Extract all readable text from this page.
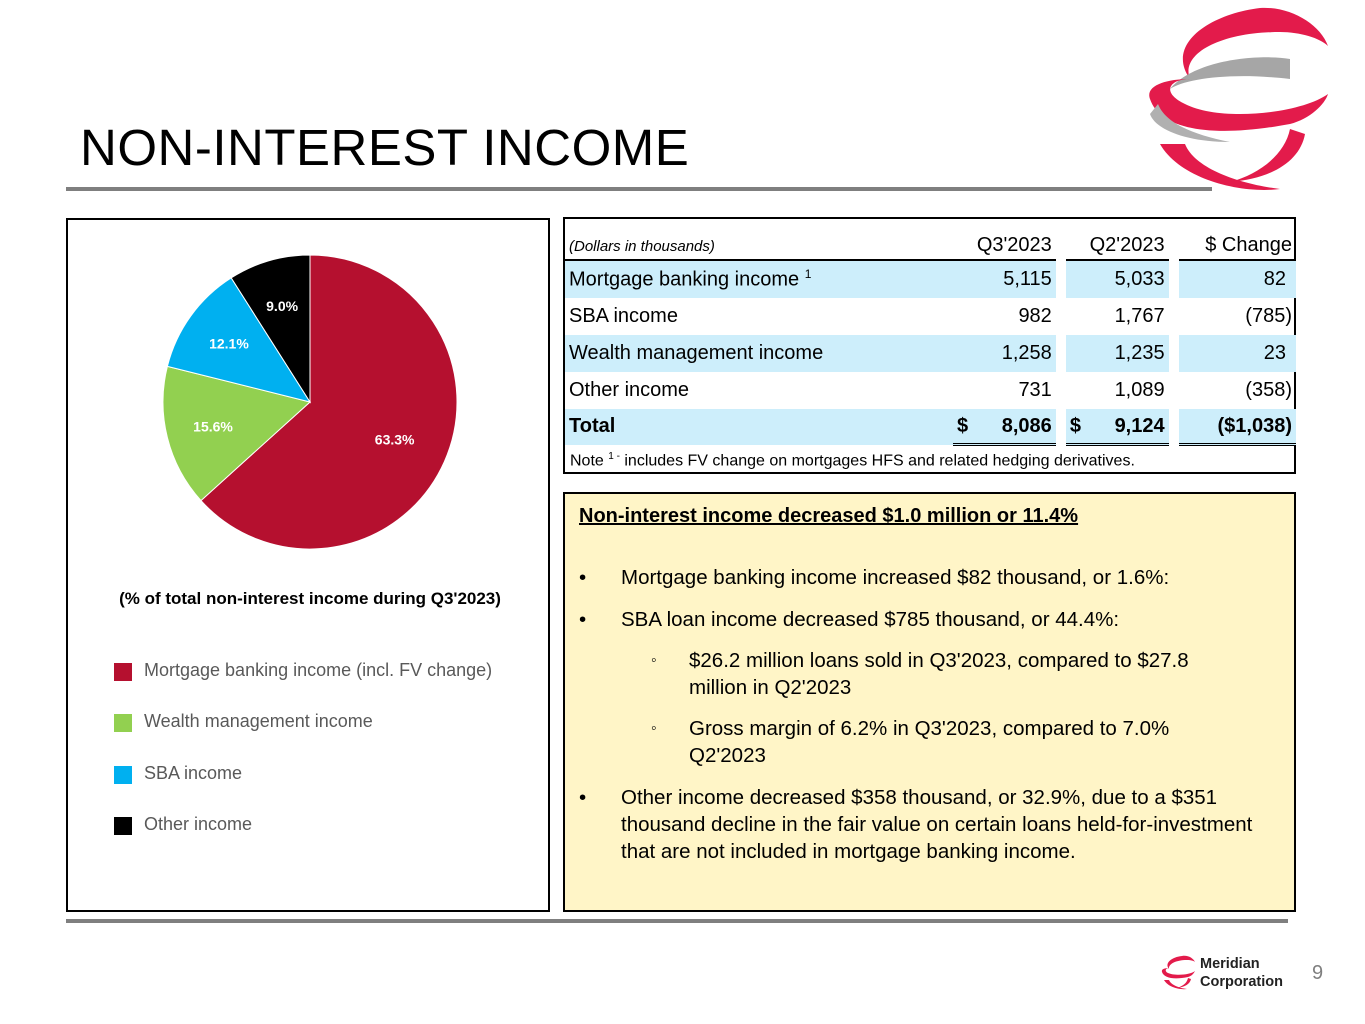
NON-INTEREST INCOME
63.3%
15.6%
12.1%
9.0%
(% of total non-interest income during Q3'2023)
Mortgage banking income (incl. FV change)
Wealth management income
SBA income
Other income
(Dollars in thousands)	Q3'2023		Q2'2023		$ Change
Mortgage banking income $^1$	5,115		5,033		82
SBA income	982		1,767		(785)
Wealth management income	1,258		1,235		23
Other income	731		1,089		(358)
Total	$ 8,086		$ 9,124		($1,038)
Note $^{1 -}$ includes FV change on mortgages HFS and related hedging derivatives.
Non-interest income decreased $1.0 million or 11.4%
• Mortgage banking income increased $82 thousand, or 1.6%:
• SBA loan income decreased $785 thousand, or 44.4%:
◦ $26.2 million loans sold in Q3'2023, compared to $27.8 million in Q2'2023
◦ Gross margin of 6.2% in Q3'2023, compared to 7.0% Q2'2023
• Other income decreased $358 thousand, or 32.9%, due to a $351 thousand decline in the fair value on certain loans held-for-investment that are not included in mortgage banking income.
Meridian
Corporation 9
